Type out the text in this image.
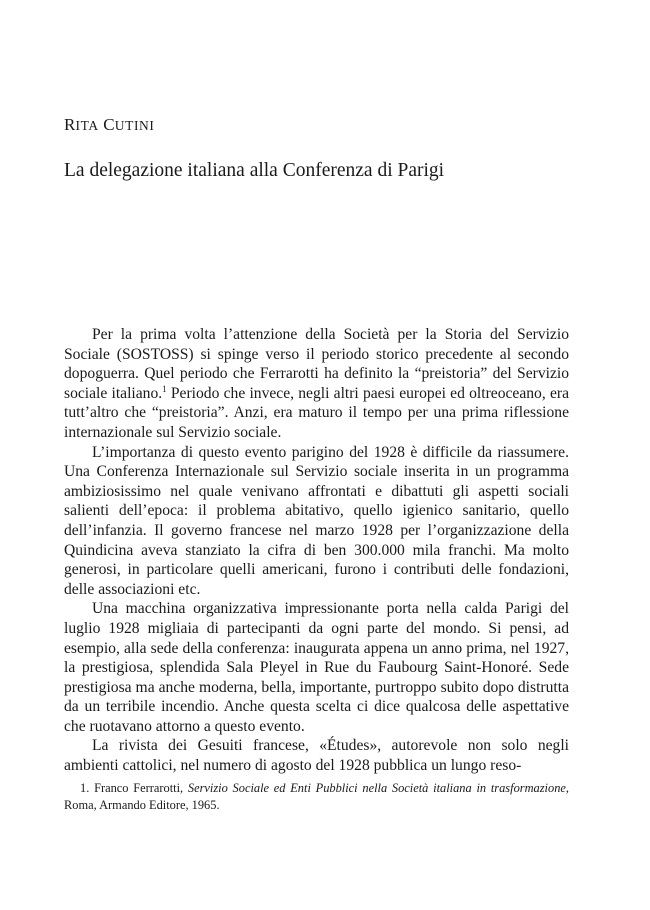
RITA CUTINI
La delegazione italiana alla Conferenza di Parigi

Per la prima volta l’attenzione della Società per la Storia del Servizio Sociale (SOSTOSS) si spinge verso il periodo storico precedente al secondo dopoguerra. Quel periodo che Ferrarotti ha definito la “preistoria” del Servizio sociale italiano.$^1$ Periodo che invece, negli altri paesi europei ed oltreoceano, era tutt’altro che “preistoria”. Anzi, era maturo il tempo per una prima riflessione internazionale sul Servizio sociale.

L’importanza di questo evento parigino del 1928 è difficile da riassumere. Una Conferenza Internazionale sul Servizio sociale inserita in un programma ambiziosissimo nel quale venivano affrontati e dibattuti gli aspetti sociali salienti dell’epoca: il problema abitativo, quello igienico sanitario, quello dell’infanzia. Il governo francese nel marzo 1928 per l’organizzazione della Quindicina aveva stanziato la cifra di ben 300.000 mila franchi. Ma molto generosi, in particolare quelli americani, furono i contributi delle fondazioni, delle associazioni etc.

Una macchina organizzativa impressionante porta nella calda Parigi del luglio 1928 migliaia di partecipanti da ogni parte del mondo. Si pensi, ad esempio, alla sede della conferenza: inaugurata appena un anno prima, nel 1927, la prestigiosa, splendida Sala Pleyel in Rue du Faubourg Saint-Honoré. Sede prestigiosa ma anche moderna, bella, importante, purtroppo subito dopo distrutta da un terribile incendio. Anche questa scelta ci dice qualcosa delle aspettative che ruotavano attorno a questo evento.

La rivista dei Gesuiti francese, «Études», autorevole non solo negli ambienti cattolici, nel numero di agosto del 1928 pubblica un lungo reso-

1. Franco Ferrarotti, Servizio Sociale ed Enti Pubblici nella Società italiana in trasformazione, Roma, Armando Editore, 1965.
